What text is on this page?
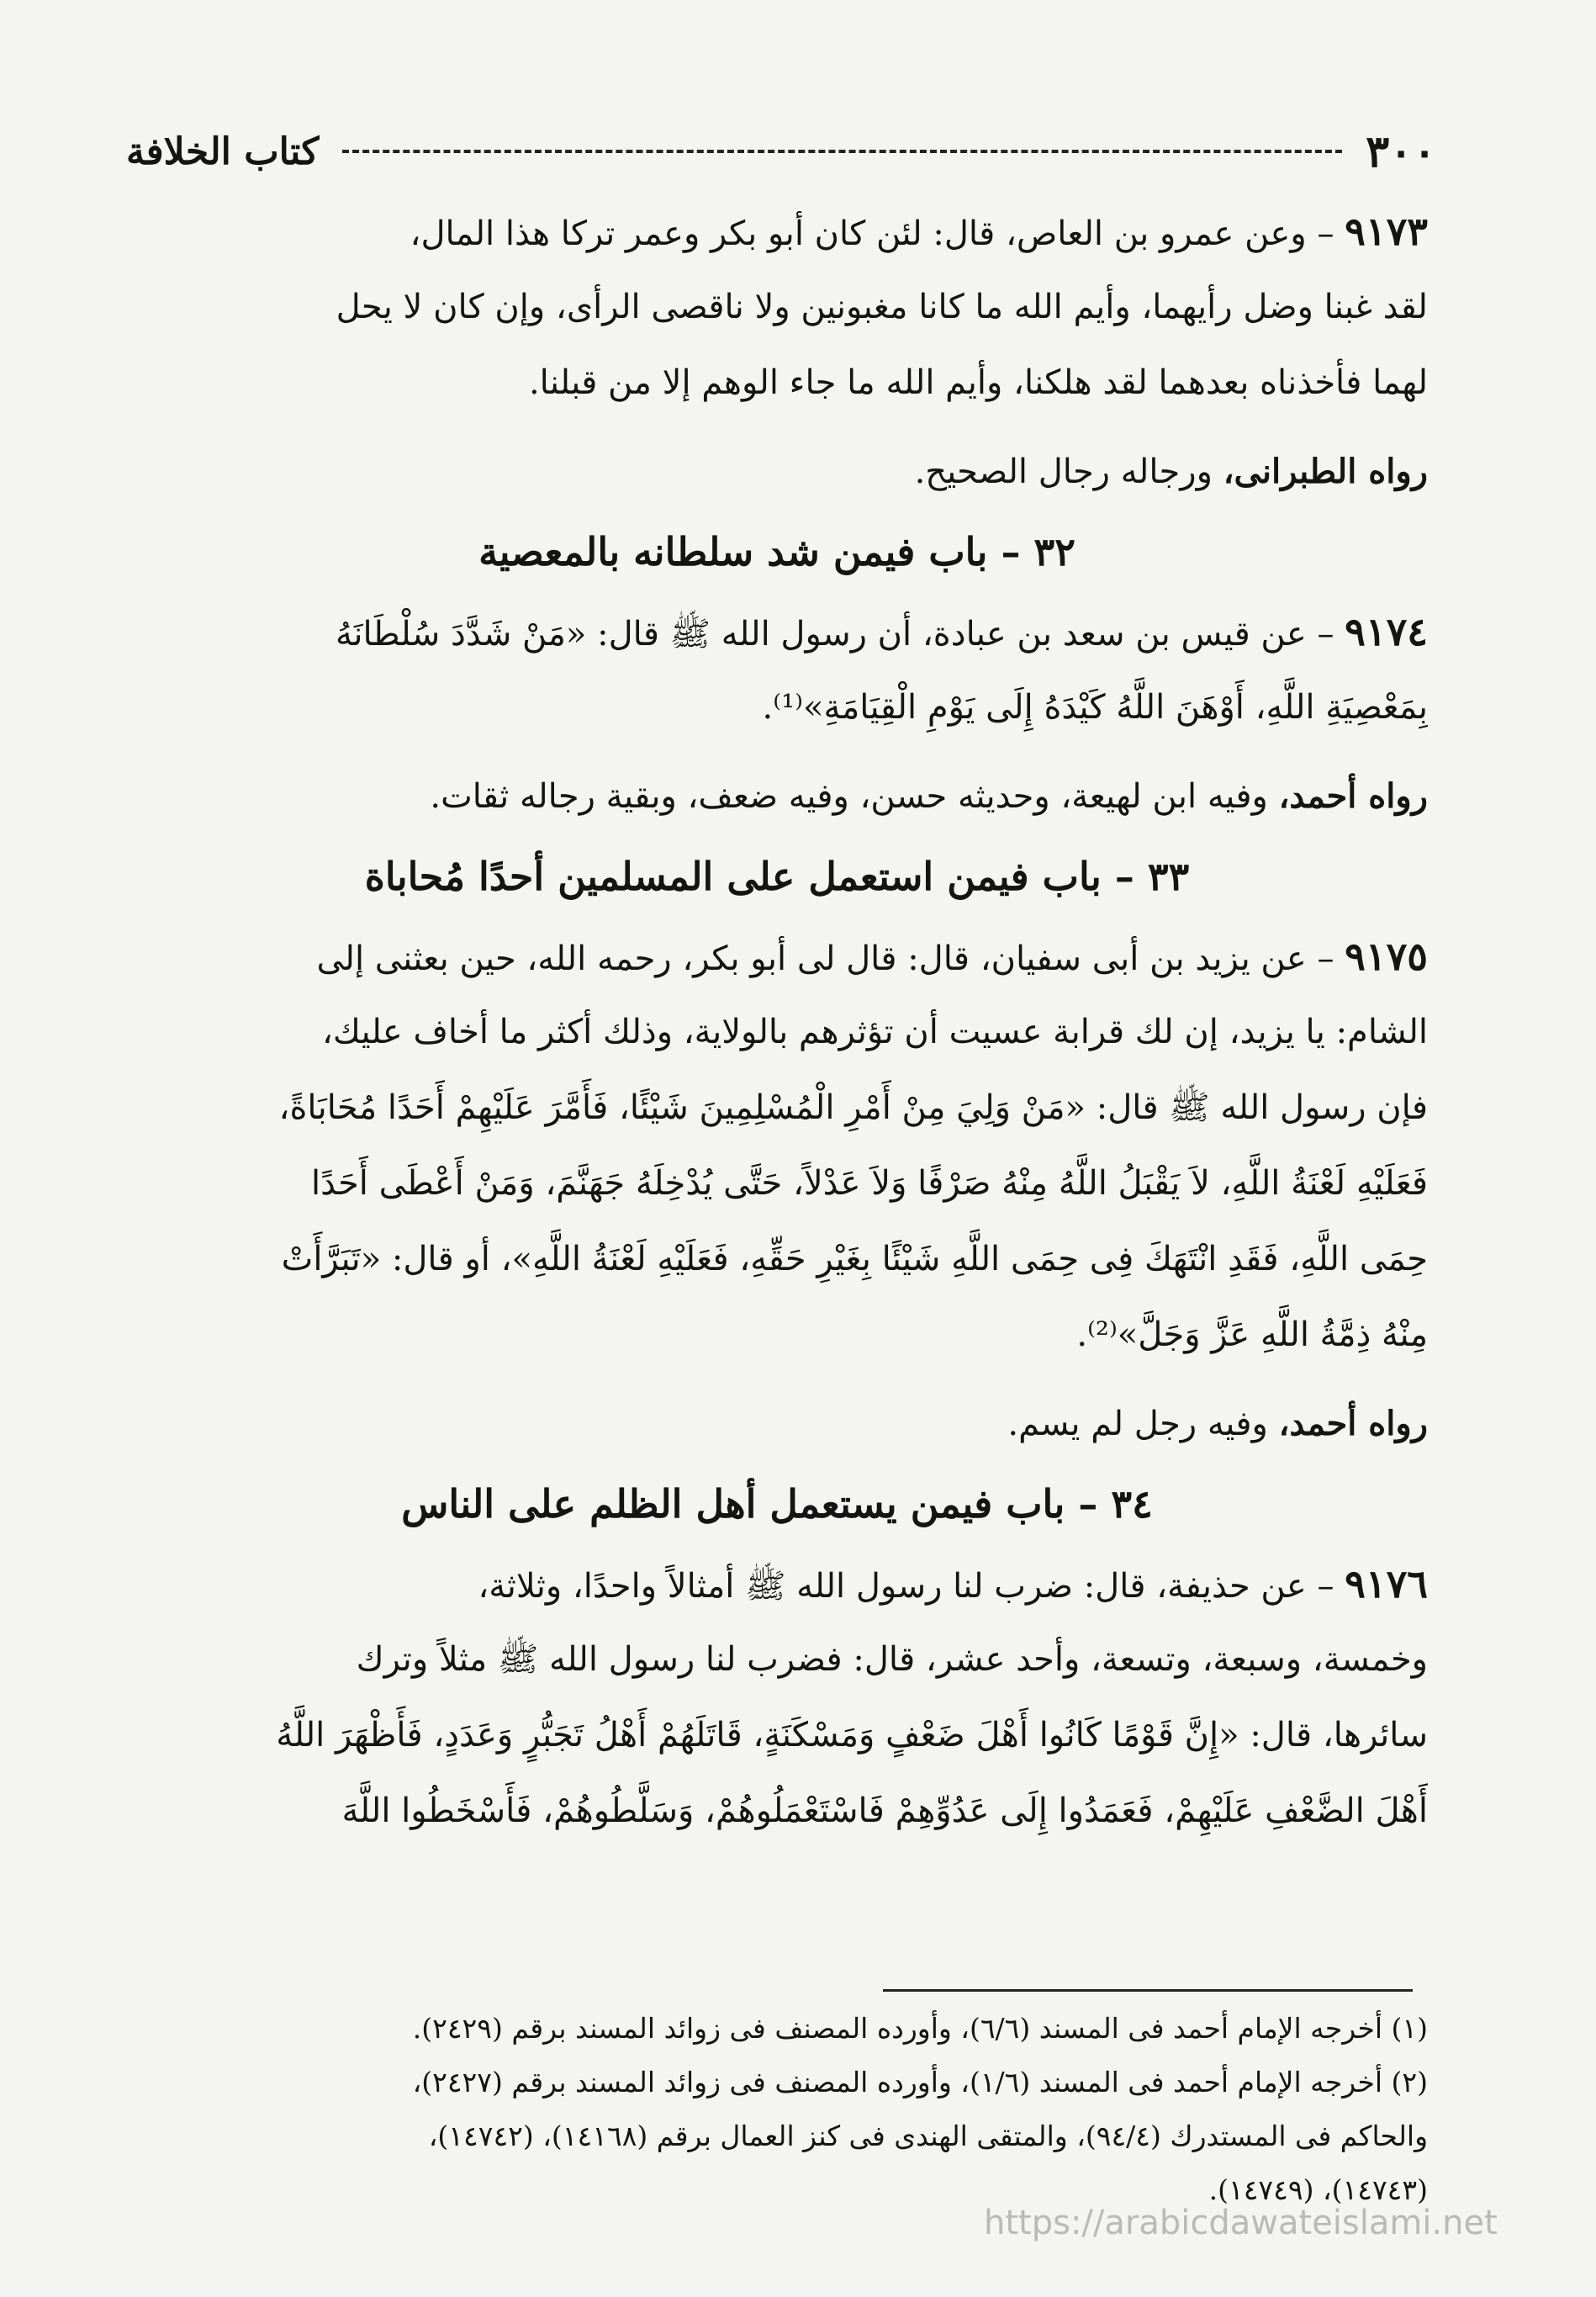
٣٠٠
كتاب الخلافة
٩١٧٣ – وعن عمرو بن العاص، قال: لئن كان أبو بكر وعمر تركا هذا المال،
لقد غبنا وضل رأيهما، وأيم الله ما كانا مغبونين ولا ناقصى الرأى، وإن كان لا يحل
لهما فأخذناه بعدهما لقد هلكنا، وأيم الله ما جاء الوهم إلا من قبلنا.
رواه الطبرانى، ورجاله رجال الصحيح.
٣٢ – باب فيمن شد سلطانه بالمعصية
٩١٧٤ – عن قيس بن سعد بن عبادة، أن رسول الله ﷺ قال: «مَنْ شَدَّدَ سُلْطَانَهُ
بِمَعْصِيَةِ اللَّهِ، أَوْهَنَ اللَّهُ كَيْدَهُ إِلَى يَوْمِ الْقِيَامَةِ»⁽¹⁾.
رواه أحمد، وفيه ابن لهيعة، وحديثه حسن، وفيه ضعف، وبقية رجاله ثقات.
٣٣ – باب فيمن استعمل على المسلمين أحدًا مُحاباة
٩١٧٥ – عن يزيد بن أبى سفيان، قال: قال لى أبو بكر، رحمه الله، حين بعثنى إلى
الشام: يا يزيد، إن لك قرابة عسيت أن تؤثرهم بالولاية، وذلك أكثر ما أخاف عليك،
فإن رسول الله ﷺ قال: «مَنْ وَلِيَ مِنْ أَمْرِ الْمُسْلِمِينَ شَيْئًا، فَأَمَّرَ عَلَيْهِمْ أَحَدًا مُحَابَاةً،
فَعَلَيْهِ لَعْنَةُ اللَّهِ، لاَ يَقْبَلُ اللَّهُ مِنْهُ صَرْفًا وَلاَ عَدْلاً، حَتَّى يُدْخِلَهُ جَهَنَّمَ، وَمَنْ أَعْطَى أَحَدًا
حِمَى اللَّهِ، فَقَدِ انْتَهَكَ فِى حِمَى اللَّهِ شَيْئًا بِغَيْرِ حَقِّهِ، فَعَلَيْهِ لَعْنَةُ اللَّهِ»، أو قال: «تَبَرَّأَتْ
مِنْهُ ذِمَّةُ اللَّهِ عَزَّ وَجَلَّ»⁽²⁾.
رواه أحمد، وفيه رجل لم يسم.
٣٤ – باب فيمن يستعمل أهل الظلم على الناس
٩١٧٦ – عن حذيفة، قال: ضرب لنا رسول الله ﷺ أمثالاً واحدًا، وثلاثة،
وخمسة، وسبعة، وتسعة، وأحد عشر، قال: فضرب لنا رسول الله ﷺ مثلاً وترك
سائرها، قال: «إِنَّ قَوْمًا كَانُوا أَهْلَ ضَعْفٍ وَمَسْكَنَةٍ، قَاتَلَهُمْ أَهْلُ تَجَبُّرٍ وَعَدَدٍ، فَأَظْهَرَ اللَّهُ
أَهْلَ الضَّعْفِ عَلَيْهِمْ، فَعَمَدُوا إِلَى عَدُوِّهِمْ فَاسْتَعْمَلُوهُمْ، وَسَلَّطُوهُمْ، فَأَسْخَطُوا اللَّهَ
(١) أخرجه الإمام أحمد فى المسند (٦/٦)، وأورده المصنف فى زوائد المسند برقم (٢٤٢٩).
(٢) أخرجه الإمام أحمد فى المسند (١/٦)، وأورده المصنف فى زوائد المسند برقم (٢٤٢٧)،
والحاكم فى المستدرك (٩٤/٤)، والمتقى الهندى فى كنز العمال برقم (١٤١٦٨)، (١٤٧٤٢)،
(١٤٧٤٣)، (١٤٧٤٩).
https://arabicdawateislami.net
